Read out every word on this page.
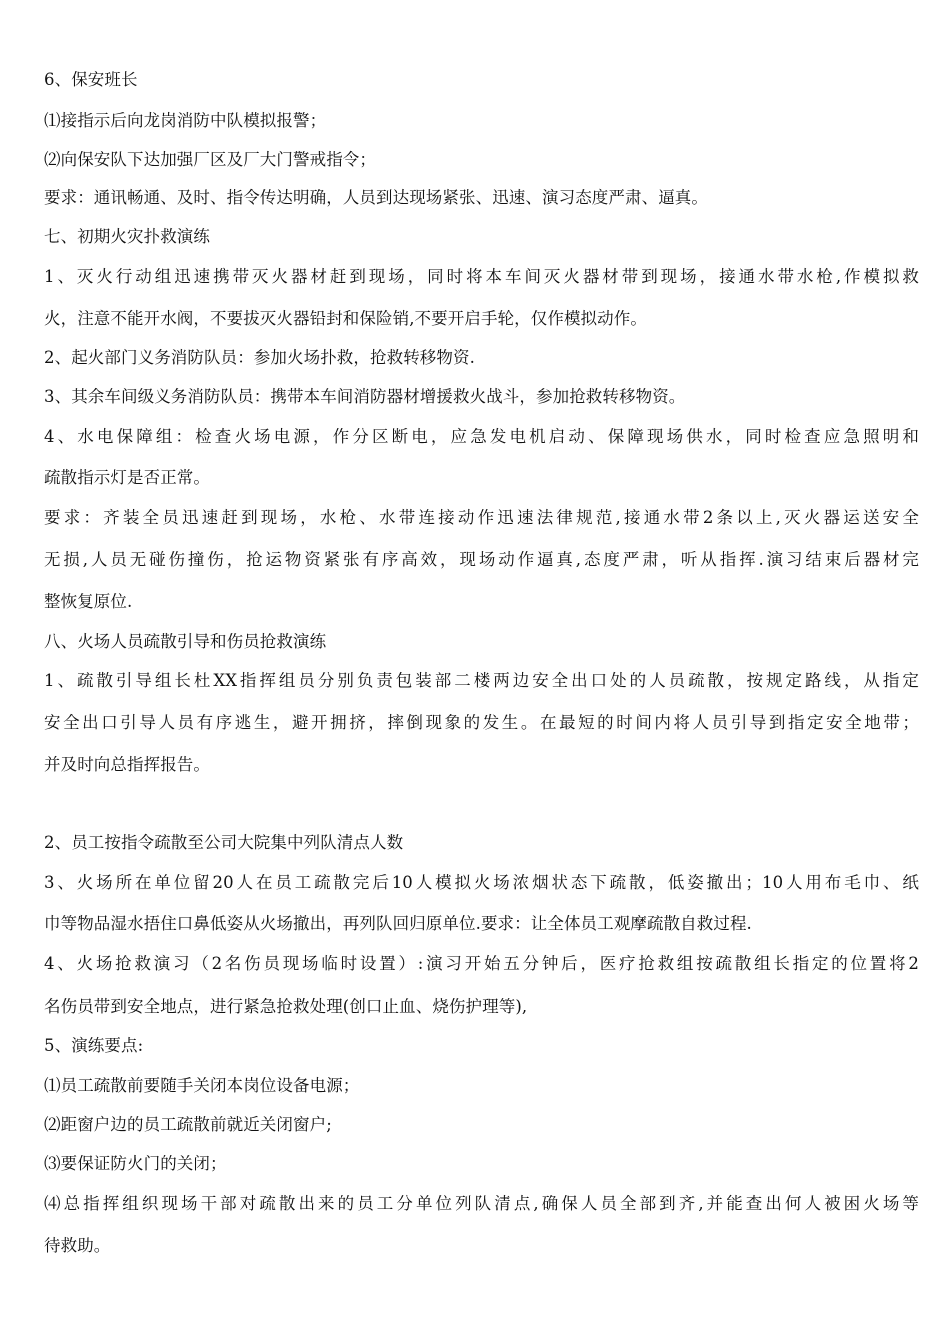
6、保安班长
⑴接指示后向龙岗消防中队模拟报警；
⑵向保安队下达加强厂区及厂大门警戒指令；
要求：通讯畅通、及时、指令传达明确，人员到达现场紧张、迅速、演习态度严肃、逼真。
七、初期火灾扑救演练
1、灭火行动组迅速携带灭火器材赶到现场，同时将本车间灭火器材带到现场，接通水带水枪,作模拟救
火，注意不能开水阀，不要拔灭火器铅封和保险销,不要开启手轮，仅作模拟动作。
2、起火部门义务消防队员：参加火场扑救，抢救转移物资.
3、其余车间级义务消防队员：携带本车间消防器材增援救火战斗，参加抢救转移物资。
4、水电保障组：检查火场电源，作分区断电，应急发电机启动、保障现场供水，同时检查应急照明和
疏散指示灯是否正常。
要求：齐装全员迅速赶到现场，水枪、水带连接动作迅速法律规范,接通水带2条以上,灭火器运送安全
无损,人员无碰伤撞伤，抢运物资紧张有序高效，现场动作逼真,态度严肃，听从指挥.演习结束后器材完
整恢复原位.
八、火场人员疏散引导和伤员抢救演练
1、疏散引导组长杜XX指挥组员分别负责包装部二楼两边安全出口处的人员疏散，按规定路线，从指定
安全出口引导人员有序逃生，避开拥挤，摔倒现象的发生。在最短的时间内将人员引导到指定安全地带；
并及时向总指挥报告。
2、员工按指令疏散至公司大院集中列队清点人数
3、火场所在单位留20人在员工疏散完后10人模拟火场浓烟状态下疏散，低姿撤出；10人用布毛巾、纸
巾等物品湿水捂住口鼻低姿从火场撤出，再列队回归原单位.要求：让全体员工观摩疏散自救过程.
4、火场抢救演习（2名伤员现场临时设置）:演习开始五分钟后，医疗抢救组按疏散组长指定的位置将2
名伤员带到安全地点，进行紧急抢救处理(创口止血、烧伤护理等),
5、演练要点:
⑴员工疏散前要随手关闭本岗位设备电源；
⑵距窗户边的员工疏散前就近关闭窗户;
⑶要保证防火门的关闭；
⑷总指挥组织现场干部对疏散出来的员工分单位列队清点,确保人员全部到齐,并能查出何人被困火场等
待救助。
